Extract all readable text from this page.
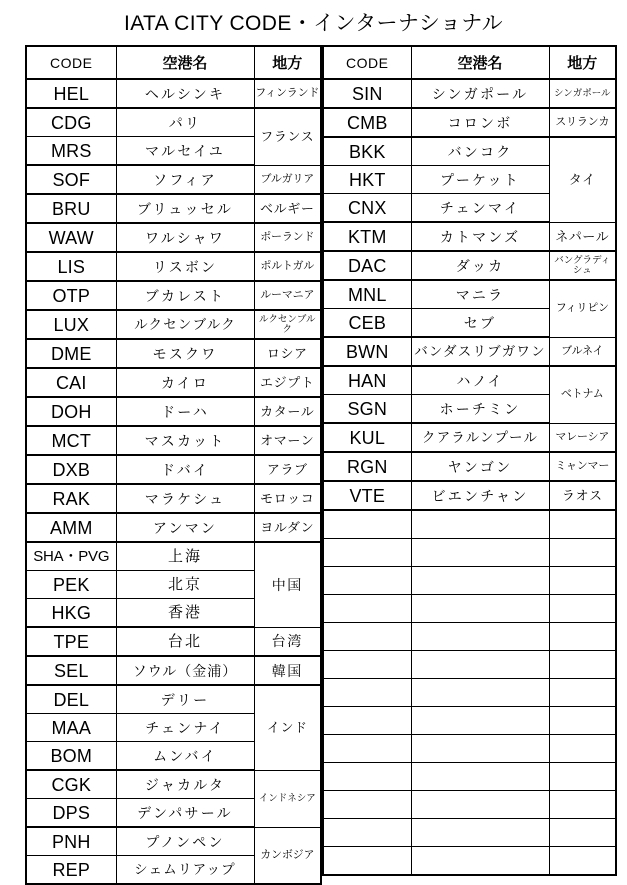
IATA CITY CODE・インターナショナル
CODE	空港名	地方
HEL	ヘルシンキ	フィンランド
CDG	パリ	フランス
MRS	マルセイユ	
SOF	ソフィア	ブルガリア
BRU	ブリュッセル	ベルギー
WAW	ワルシャワ	ポーランド
LIS	リスボン	ポルトガル
OTP	ブカレスト	ルーマニア
LUX	ルクセンブルク	ルクセンブルク
DME	モスクワ	ロシア
CAI	カイロ	エジプト
DOH	ドーハ	カタール
MCT	マスカット	オマーン
DXB	ドバイ	アラブ
RAK	マラケシュ	モロッコ
AMM	アンマン	ヨルダン
SHA・PVG	上海	中国
PEK	北京	
HKG	香港	
TPE	台北	台湾
SEL	ソウル（金浦）	韓国
DEL	デリー	インド
MAA	チェンナイ	
BOM	ムンバイ	
CGK	ジャカルタ	インドネシア
DPS	デンパサール	
PNH	プノンペン	カンボジア
REP	シェムリアップ	
CODE	空港名	地方
SIN	シンガポール	シンガポール
CMB	コロンボ	スリランカ
BKK	バンコク	タイ
HKT	プーケット	
CNX	チェンマイ	
KTM	カトマンズ	ネパール
DAC	ダッカ	バングラディシュ
MNL	マニラ	フィリピン
CEB	セブ	
BWN	バンダスリブガワン	ブルネイ
HAN	ハノイ	ベトナム
SGN	ホーチミン	
KUL	クアラルンプール	マレーシア
RGN	ヤンゴン	ミャンマー
VTE	ビエンチャン	ラオス
